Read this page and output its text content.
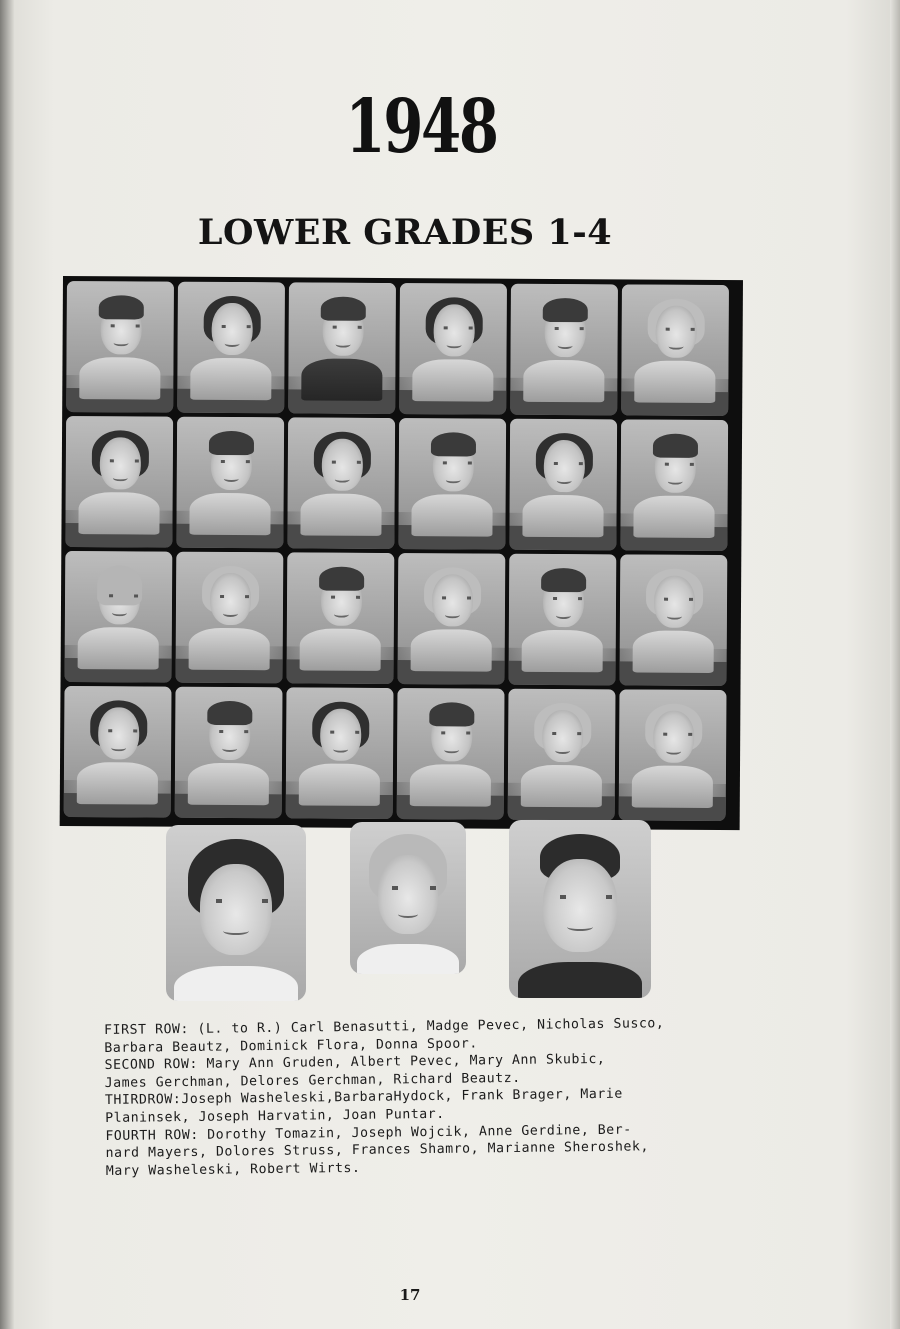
1948
LOWER GRADES 1-4
FIRST ROW: (L. to R.) Carl Benasutti, Madge Pevec, Nicholas Susco,
Barbara Beautz, Dominick Flora, Donna Spoor.
SECOND ROW: Mary Ann Gruden, Albert Pevec, Mary Ann Skubic,
James Gerchman, Delores Gerchman, Richard Beautz.
THIRDROW:Joseph Washeleski,BarbaraHydock, Frank Brager, Marie
Planinsek, Joseph Harvatin, Joan Puntar.
FOURTH ROW: Dorothy Tomazin, Joseph Wojcik, Anne Gerdine, Ber-
nard Mayers, Dolores Struss, Frances Shamro, Marianne Sheroshek,
Mary Washeleski, Robert Wirts.
17
